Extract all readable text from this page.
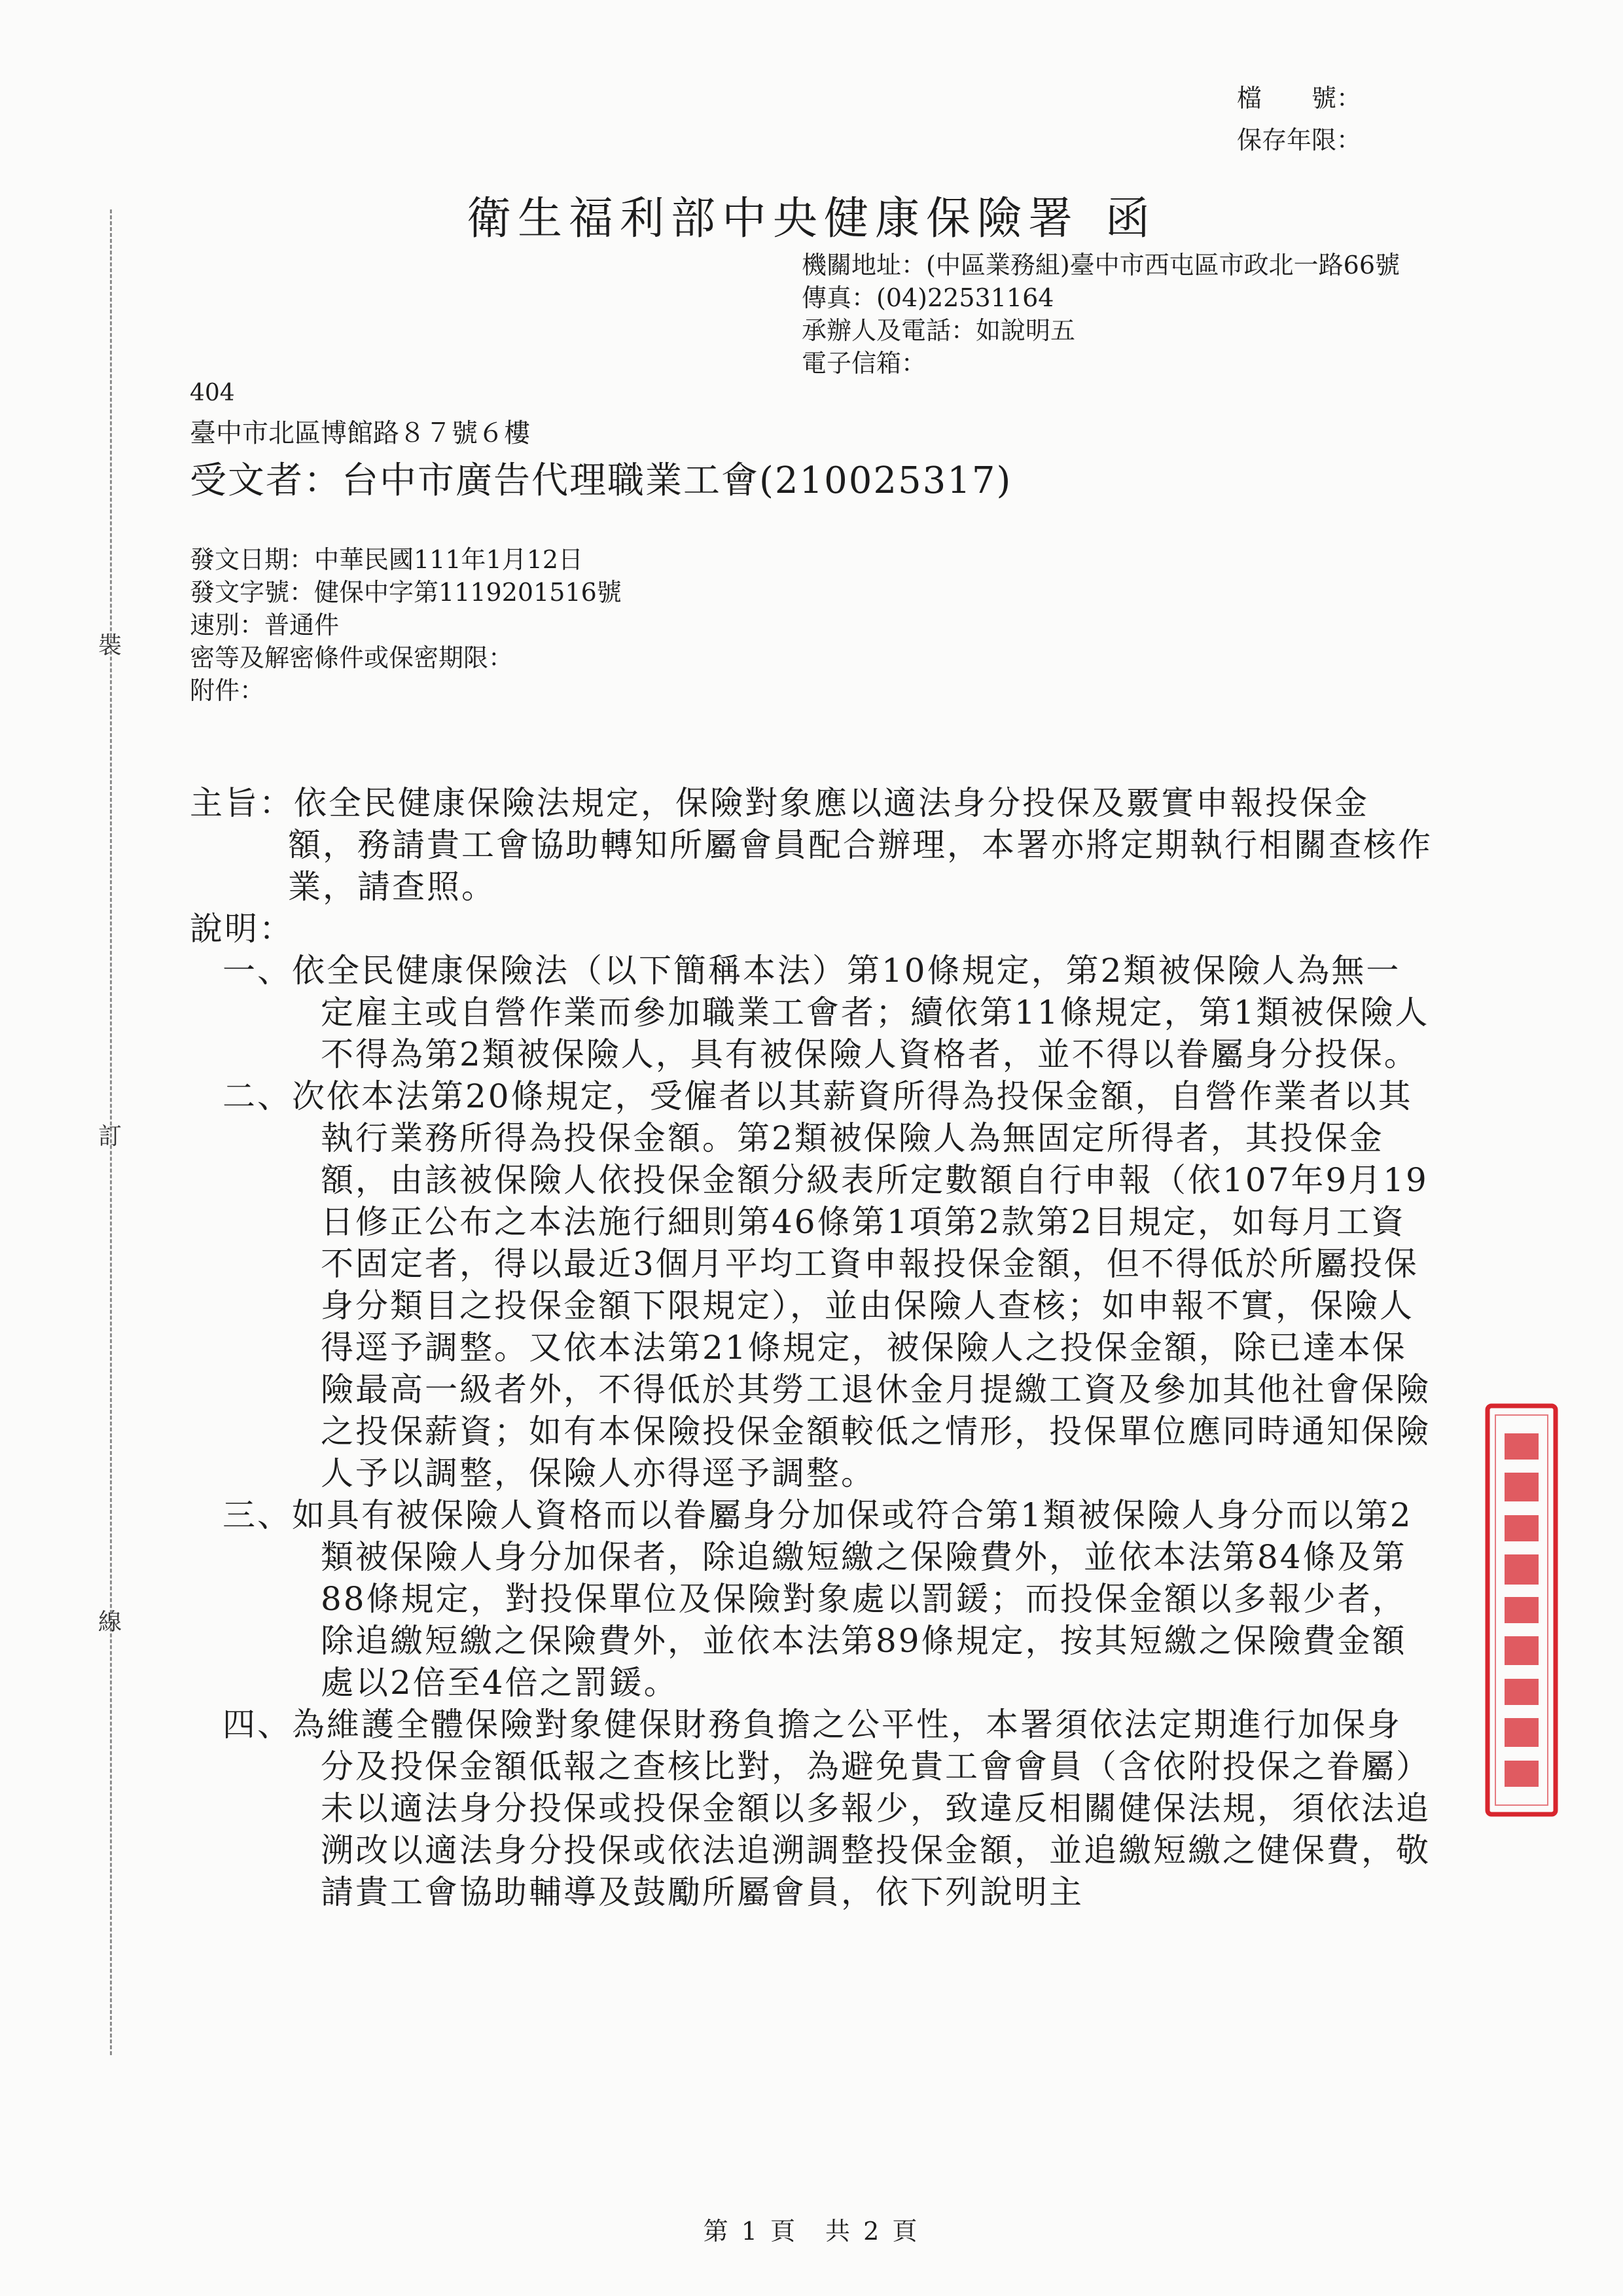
檔　　號：
保存年限：
裝
訂
線
衛生福利部中央健康保險署 函
機關地址：(中區業務組)臺中市西屯區市政北一路66號
傳真：(04)22531164
承辦人及電話：如說明五
電子信箱：
404
臺中市北區博館路８７號６樓
受文者：台中市廣告代理職業工會(210025317)
發文日期：中華民國111年1月12日
發文字號：健保中字第1119201516號
速別：普通件
密等及解密條件或保密期限：
附件：

主旨：依全民健康保險法規定，保險對象應以適法身分投保及覈實申報投保金額，務請貴工會協助轉知所屬會員配合辦理，本署亦將定期執行相關查核作業，請查照。

說明：

一、依全民健康保險法（以下簡稱本法）第10條規定，第2類被保險人為無一定雇主或自營作業而參加職業工會者；續依第11條規定，第1類被保險人不得為第2類被保險人，具有被保險人資格者，並不得以眷屬身分投保。

二、次依本法第20條規定，受僱者以其薪資所得為投保金額，自營作業者以其執行業務所得為投保金額。第2類被保險人為無固定所得者，其投保金額，由該被保險人依投保金額分級表所定數額自行申報（依107年9月19日修正公布之本法施行細則第46條第1項第2款第2目規定，如每月工資不固定者，得以最近3個月平均工資申報投保金額，但不得低於所屬投保身分類目之投保金額下限規定），並由保險人查核；如申報不實，保險人得逕予調整。又依本法第21條規定，被保險人之投保金額，除已達本保險最高一級者外，不得低於其勞工退休金月提繳工資及參加其他社會保險之投保薪資；如有本保險投保金額較低之情形，投保單位應同時通知保險人予以調整，保險人亦得逕予調整。

三、如具有被保險人資格而以眷屬身分加保或符合第1類被保險人身分而以第2類被保險人身分加保者，除追繳短繳之保險費外，並依本法第84條及第88條規定，對投保單位及保險對象處以罰鍰；而投保金額以多報少者，除追繳短繳之保險費外，並依本法第89條規定，按其短繳之保險費金額處以2倍至4倍之罰鍰。

四、為維護全體保險對象健保財務負擔之公平性，本署須依法定期進行加保身分及投保金額低報之查核比對，為避免貴工會會員（含依附投保之眷屬）未以適法身分投保或投保金額以多報少，致違反相關健保法規，須依法追溯改以適法身分投保或依法追溯調整投保金額，並追繳短繳之健保費，敬請貴工會協助輔導及鼓勵所屬會員，依下列說明主

第 1 頁　共 2 頁
